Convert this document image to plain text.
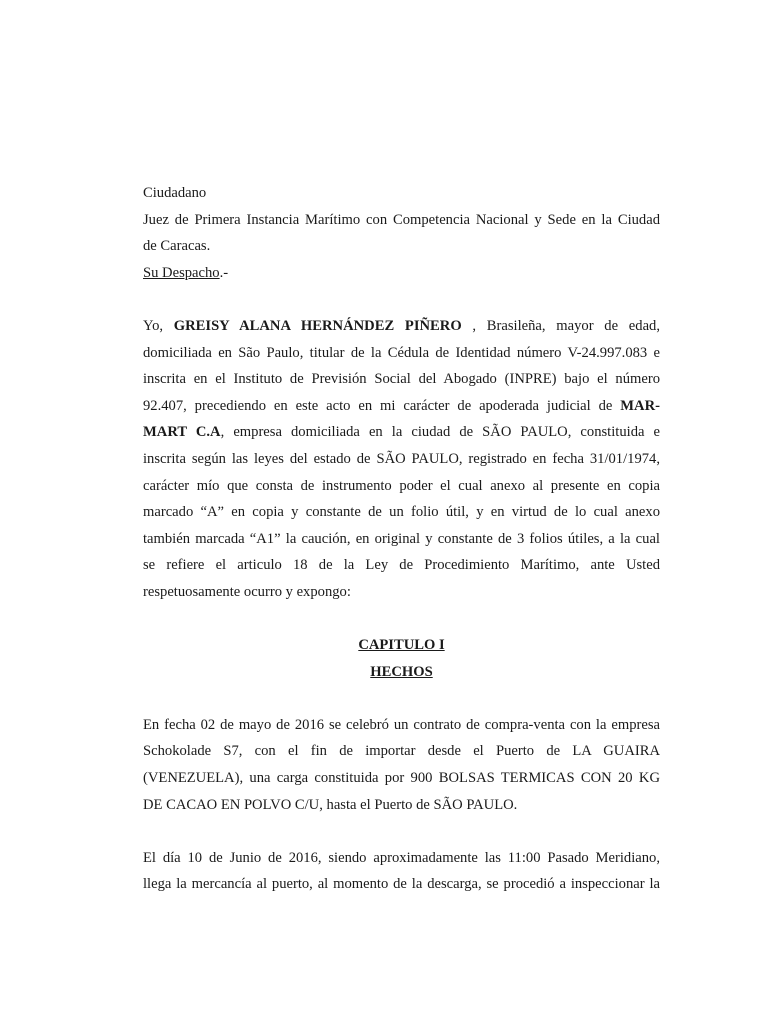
Ciudadano
Juez de Primera Instancia Marítimo con Competencia Nacional y Sede en la Ciudad
de Caracas.
Su Despacho.-
Yo, GREISY ALANA HERNÁNDEZ PIÑERO , Brasileña, mayor de edad,
domiciliada en São Paulo, titular de la Cédula de Identidad número V-24.997.083 e
inscrita en el Instituto de Previsión Social del Abogado (INPRE) bajo el número
92.407, precediendo en este acto en mi carácter de apoderada judicial de MAR-
MART C.A, empresa domiciliada en la ciudad de SÃO PAULO, constituida e
inscrita según las leyes del estado de SÃO PAULO, registrado en fecha 31/01/1974,
carácter mío que consta de instrumento poder el cual anexo al presente en copia
marcado “A” en copia y constante de un folio útil, y en virtud de lo cual anexo
también marcada “A1” la caución, en original y constante de 3 folios útiles, a la cual
se refiere el articulo 18 de la Ley de Procedimiento Marítimo, ante Usted
respetuosamente ocurro y expongo:
CAPITULO I
HECHOS
En fecha 02 de mayo de 2016 se celebró un contrato de compra-venta con la empresa
Schokolade S7, con el fin de importar desde el Puerto de LA GUAIRA
(VENEZUELA), una carga constituida por 900 BOLSAS TERMICAS CON 20 KG
DE CACAO EN POLVO C/U, hasta el Puerto de SÃO PAULO.
El día 10 de Junio de 2016, siendo aproximadamente las 11:00 Pasado Meridiano,
llega la mercancía al puerto, al momento de la descarga, se procedió a inspeccionar la
